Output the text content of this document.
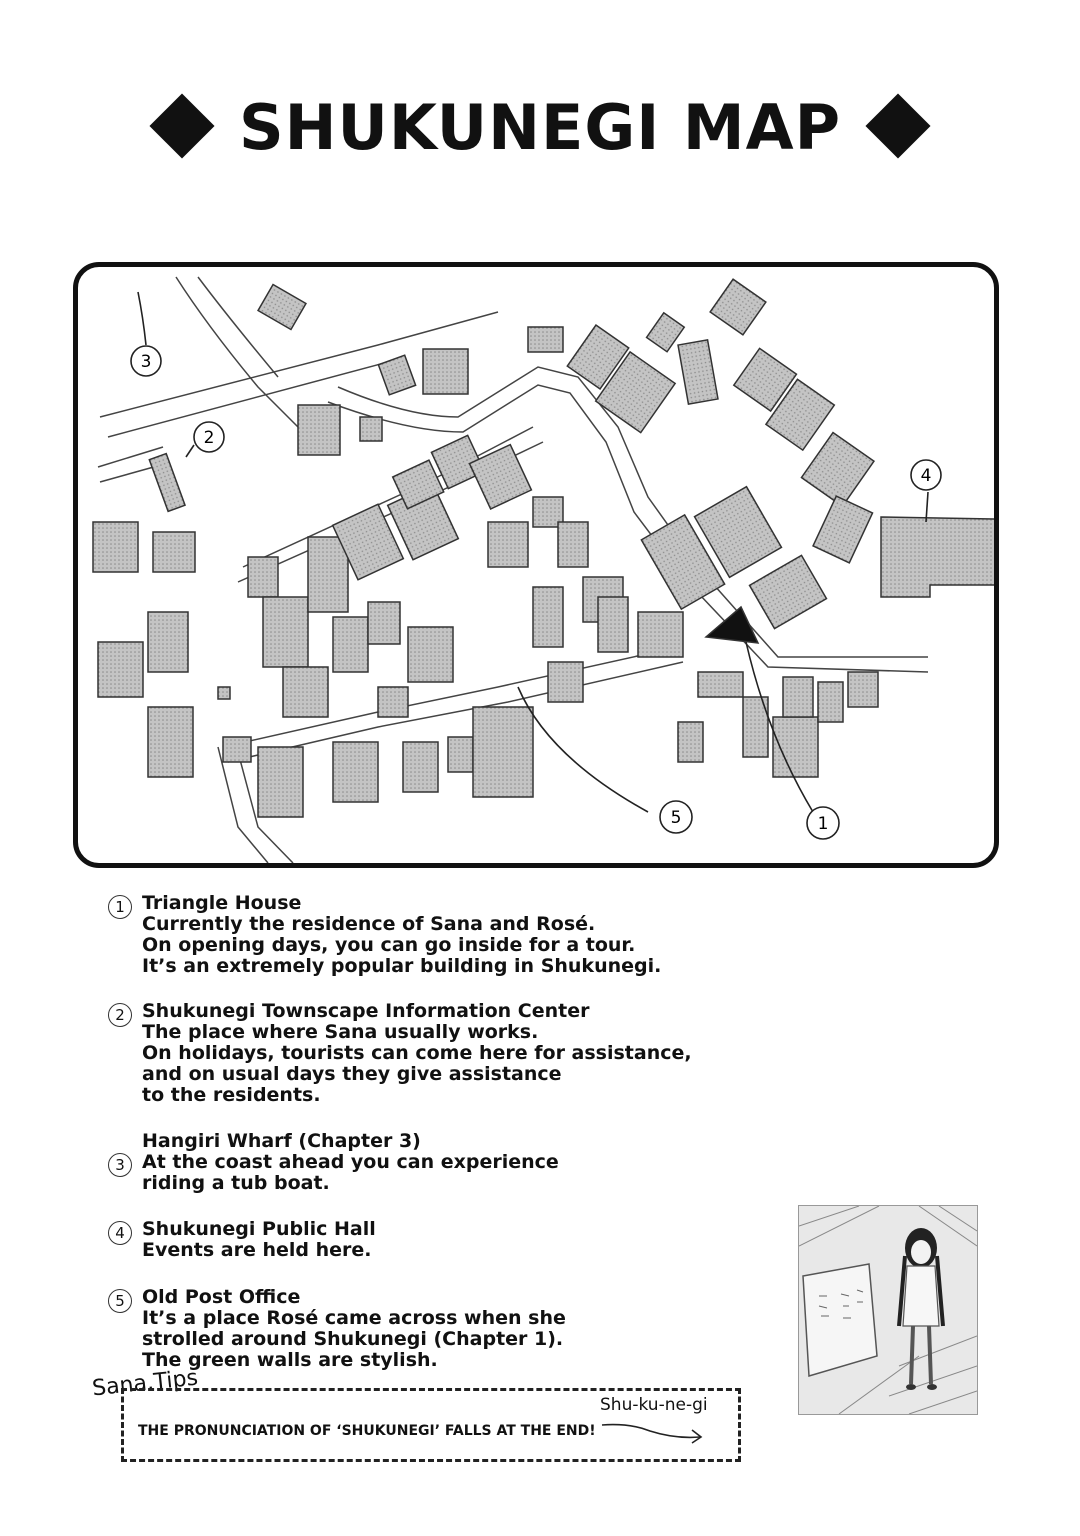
SHUKUNEGI MAP
3
2
4
5	1
1 Triangle House
Currently the residence of Sana and Rosé.
On opening days, you can go inside for a tour.
It’s an extremely popular building in Shukunegi.
2 Shukunegi Townscape Information Center
The place where Sana usually works.
On holidays, tourists can come here for assistance,
and on usual days they give assistance
to the residents.
3
Hangiri Wharf (Chapter 3)
At the coast ahead you can experience
riding a tub boat.
4 Shukunegi Public Hall
Events are held here.
5 Old Post Office
It’s a place Rosé came across when she
strolled around Shukunegi (Chapter 1).
The green walls are stylish.
Sana.Tips
THE PRONUNCIATION OF ‘SHUKUNEGI’ FALLS AT THE END!
Shu-ku-ne-gi
